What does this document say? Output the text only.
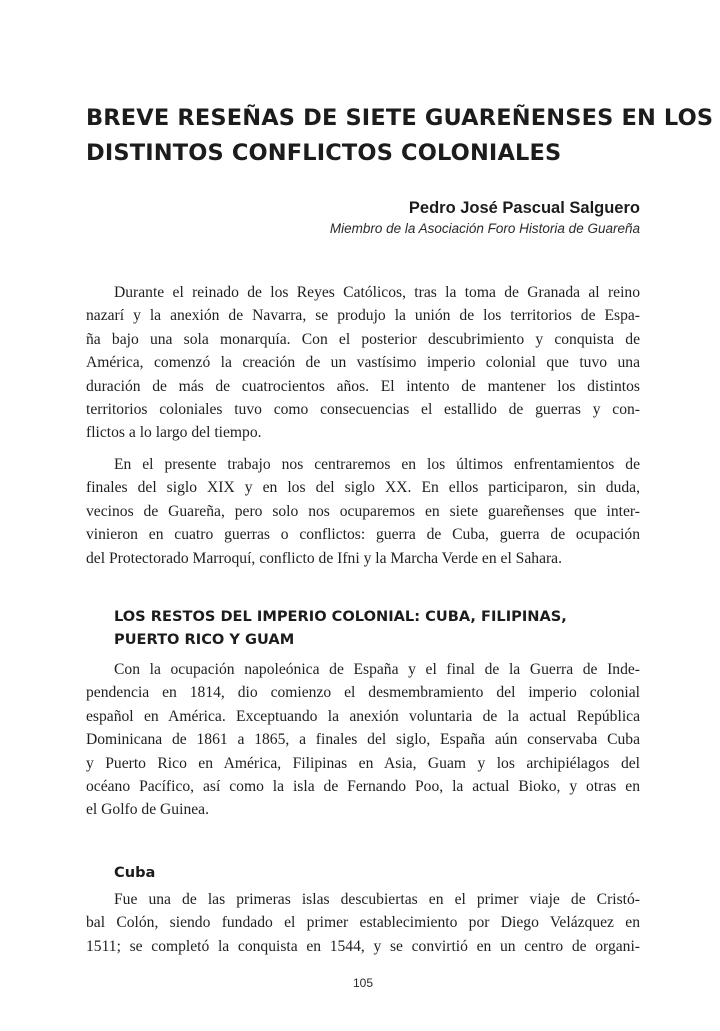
BREVE RESEÑAS DE SIETE GUAREÑENSES EN LOS
DISTINTOS CONFLICTOS COLONIALES
Pedro José Pascual Salguero
Miembro de la Asociación Foro Historia de Guareña
Durante el reinado de los Reyes Católicos, tras la toma de Granada al reino
nazarí y la anexión de Navarra, se produjo la unión de los territorios de Espa-
ña bajo una sola monarquía. Con el posterior descubrimiento y conquista de
América, comenzó la creación de un vastísimo imperio colonial que tuvo una
duración de más de cuatrocientos años. El intento de mantener los distintos
territorios coloniales tuvo como consecuencias el estallido de guerras y con-
flictos a lo largo del tiempo.
En el presente trabajo nos centraremos en los últimos enfrentamientos de
finales del siglo XIX y en los del siglo XX. En ellos participaron, sin duda,
vecinos de Guareña, pero solo nos ocuparemos en siete guareñenses que inter-
vinieron en cuatro guerras o conflictos: guerra de Cuba, guerra de ocupación
del Protectorado Marroquí, conflicto de Ifni y la Marcha Verde en el Sahara.
LOS RESTOS DEL IMPERIO COLONIAL: CUBA, FILIPINAS,
PUERTO RICO Y GUAM
Con la ocupación napoleónica de España y el final de la Guerra de Inde-
pendencia en 1814, dio comienzo el desmembramiento del imperio colonial
español en América. Exceptuando la anexión voluntaria de la actual República
Dominicana de 1861 a 1865, a finales del siglo, España aún conservaba Cuba
y Puerto Rico en América, Filipinas en Asia, Guam y los archipiélagos del
océano Pacífico, así como la isla de Fernando Poo, la actual Bioko, y otras en
el Golfo de Guinea.
Cuba
Fue una de las primeras islas descubiertas en el primer viaje de Cristó-
bal Colón, siendo fundado el primer establecimiento por Diego Velázquez en
1511; se completó la conquista en 1544, y se convirtió en un centro de organi-
105
